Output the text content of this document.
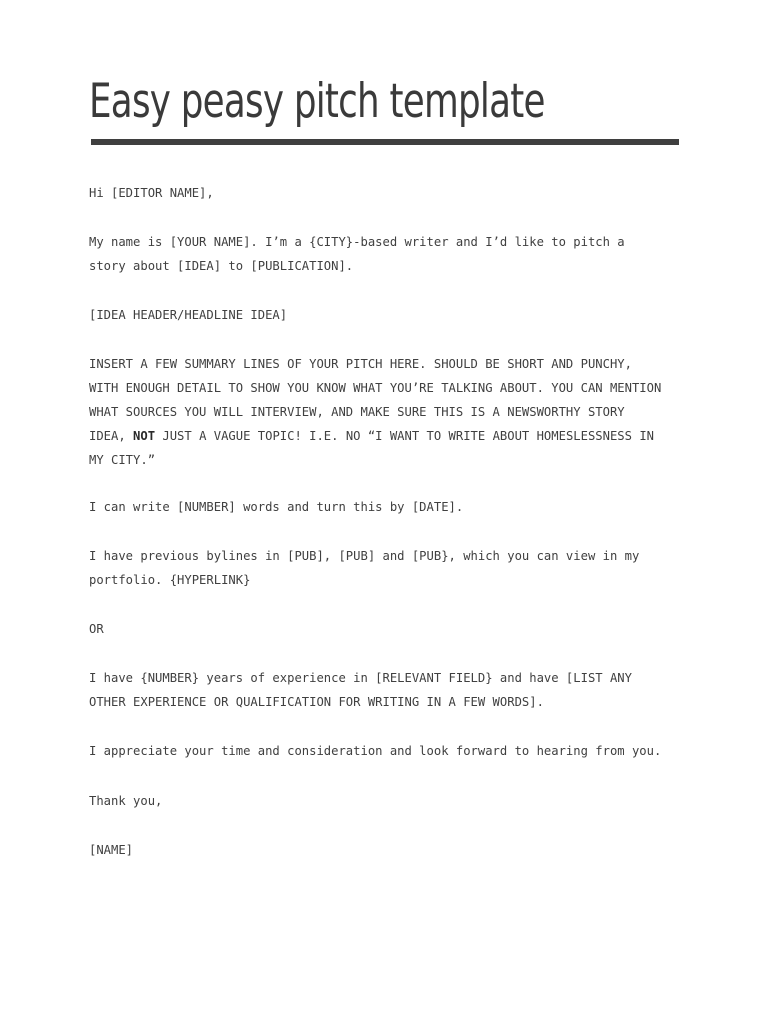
Easy peasy pitch template

Hi [EDITOR NAME],

My name is [YOUR NAME]. I’m a {CITY}-based writer and I’d like to pitch a
story about [IDEA] to [PUBLICATION].

[IDEA HEADER/HEADLINE IDEA]

INSERT A FEW SUMMARY LINES OF YOUR PITCH HERE. SHOULD BE SHORT AND PUNCHY,
WITH ENOUGH DETAIL TO SHOW YOU KNOW WHAT YOU’RE TALKING ABOUT. YOU CAN MENTION
WHAT SOURCES YOU WILL INTERVIEW, AND MAKE SURE THIS IS A NEWSWORTHY STORY
IDEA, NOT JUST A VAGUE TOPIC! I.E. NO “I WANT TO WRITE ABOUT HOMESLESSNESS IN
MY CITY.”

I can write [NUMBER] words and turn this by [DATE].

I have previous bylines in [PUB], [PUB] and [PUB}, which you can view in my
portfolio. {HYPERLINK}

OR

I have {NUMBER} years of experience in [RELEVANT FIELD} and have [LIST ANY
OTHER EXPERIENCE OR QUALIFICATION FOR WRITING IN A FEW WORDS].

I appreciate your time and consideration and look forward to hearing from you.

Thank you,

[NAME]
